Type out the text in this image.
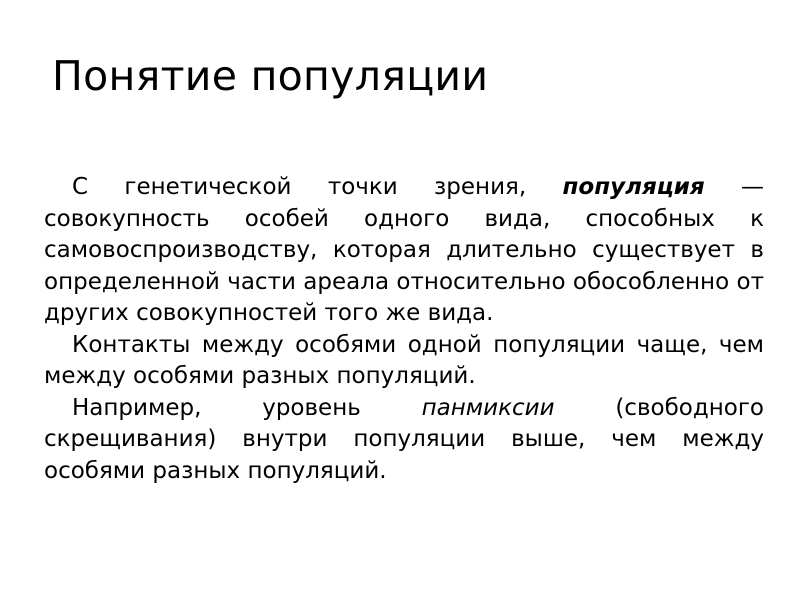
Понятие популяции

С генетической точки зрения, популяция — совокупность особей одного вида, способных к самовоспроизводству, которая длительно существует в определенной части ареала относительно обособленно от других совокупностей того же вида.

Контакты между особями одной популяции чаще, чем между особями разных популяций.

Например, уровень панмиксии (свободного скрещивания) внутри популяции выше, чем между особями разных популяций.
